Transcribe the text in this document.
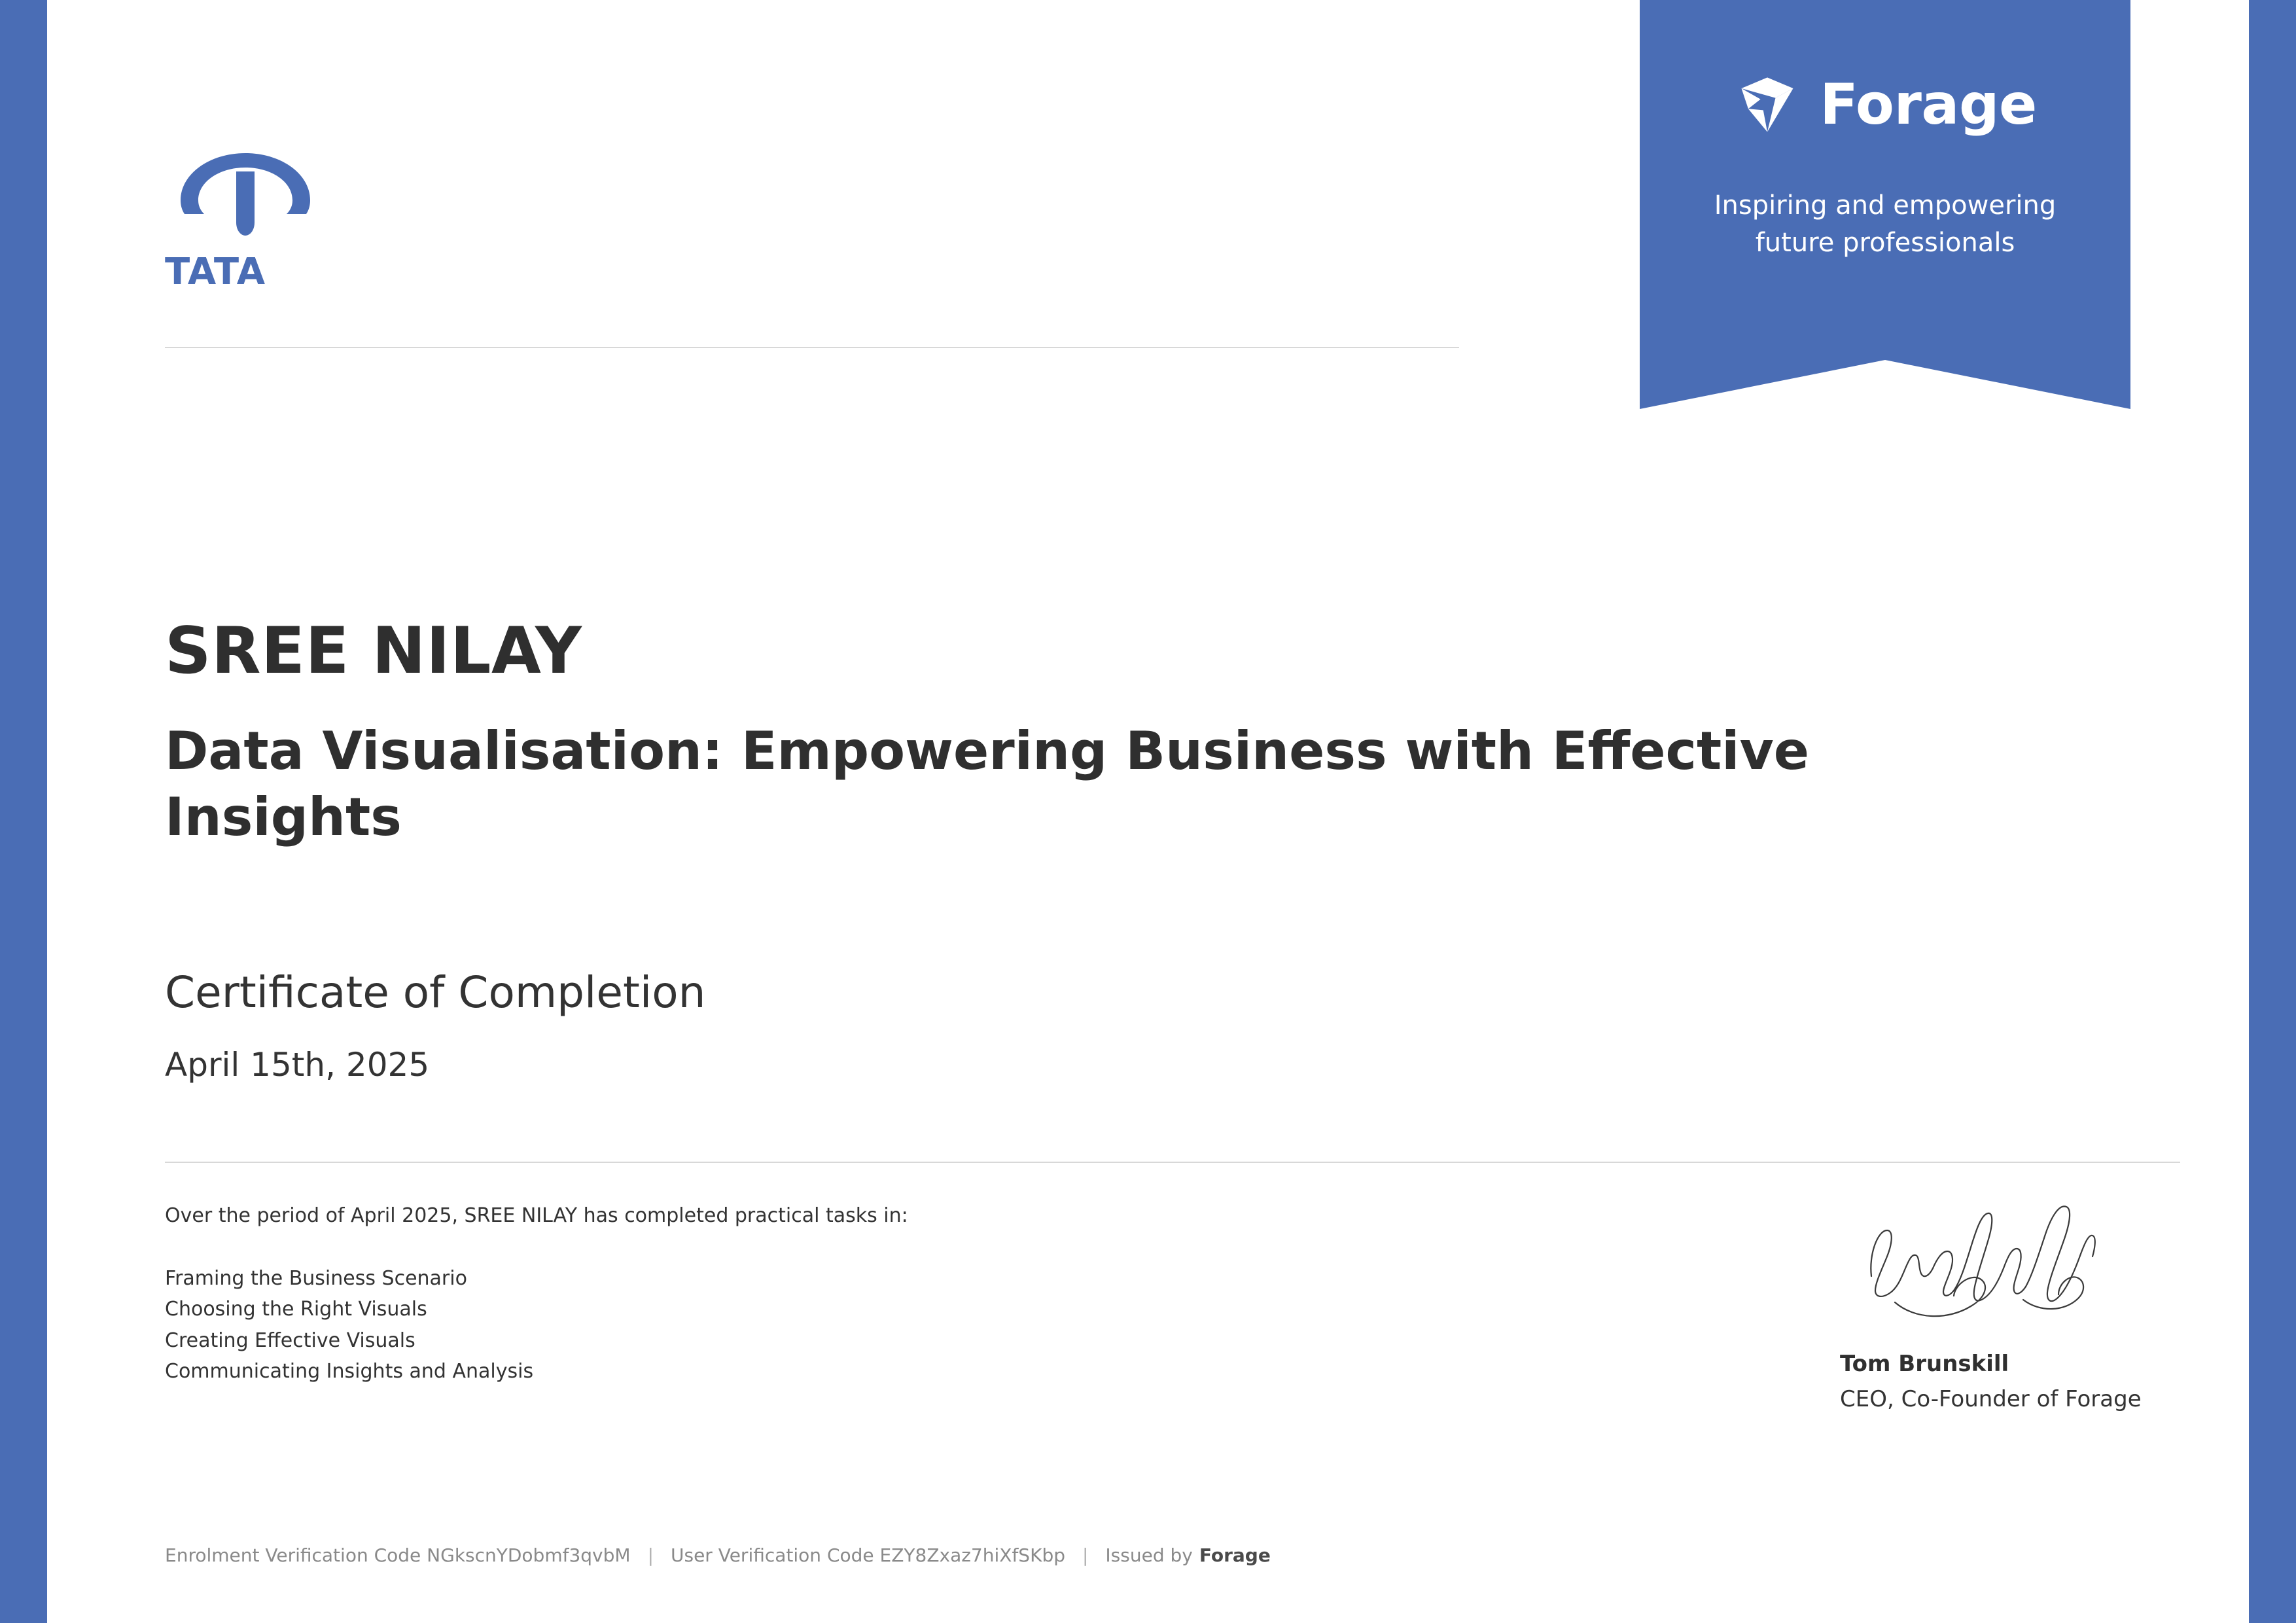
Forage
Inspiring and empowering future professionals
TATA
SREE NILAY
Data Visualisation: Empowering Business with Effective Insights
Certificate of Completion
April 15th, 2025
Over the period of April 2025, SREE NILAY has completed practical tasks in:
Framing the Business Scenario
Choosing the Right Visuals
Creating Effective Visuals
Communicating Insights and Analysis	Tom Brunskill
CEO, Co-Founder of Forage
Enrolment Verification Code NGkscnYDobmf3qvbM | User Verification Code EZY8Zxaz7hiXfSKbp | Issued by Forage
